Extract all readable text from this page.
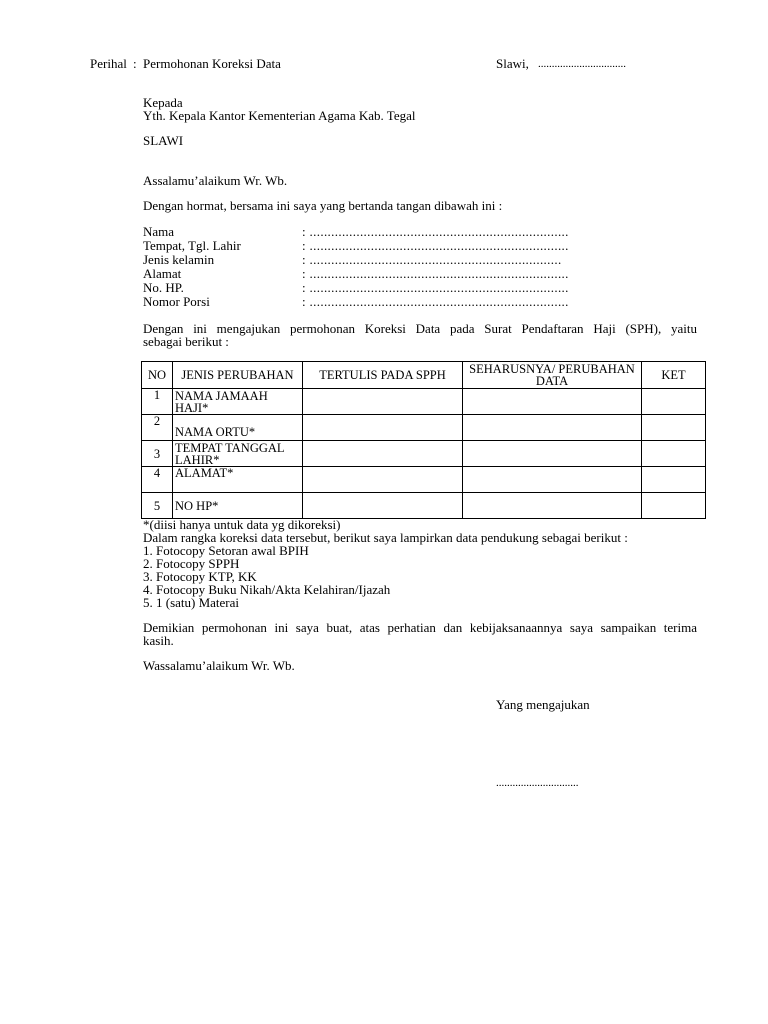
Perihal : Permohonan Koreksi Data	Slawi, ................................
Kepada
Yth. Kepala Kantor Kementerian Agama Kab. Tegal
SLAWI
Assalamu’alaikum Wr. Wb.
Dengan hormat, bersama ini saya yang bertanda tangan dibawah ini :
Nama	: ........................................................................
Tempat, Tgl. Lahir	: ........................................................................
Jenis kelamin	: ......................................................................
Alamat	: ........................................................................
No. HP.	: ........................................................................
Nomor Porsi	: ........................................................................
Dengan ini mengajukan permohonan Koreksi Data pada Surat Pendaftaran Haji (SPH), yaitu
sebagai berikut :
NO	JENIS PERUBAHAN	TERTULIS PADA SPPH	SEHARUSNYA/ PERUBAHAN DATA	KET
1	NAMA JAMAAH HAJI*			
2	NAMA ORTU*			
3	TEMPAT TANGGAL LAHIR*			
4	ALAMAT*			
5	NO HP*			
*(diisi hanya untuk data yg dikoreksi)
Dalam rangka koreksi data tersebut, berikut saya lampirkan data pendukung sebagai berikut :
1. Fotocopy Setoran awal BPIH
2. Fotocopy SPPH
3. Fotocopy KTP, KK
4. Fotocopy Buku Nikah/Akta Kelahiran/Ijazah
5. 1 (satu) Materai
Demikian permohonan ini saya buat, atas perhatian dan kebijaksanaannya saya sampaikan terima
kasih.
Wassalamu’alaikum Wr. Wb.
Yang mengajukan
..............................
